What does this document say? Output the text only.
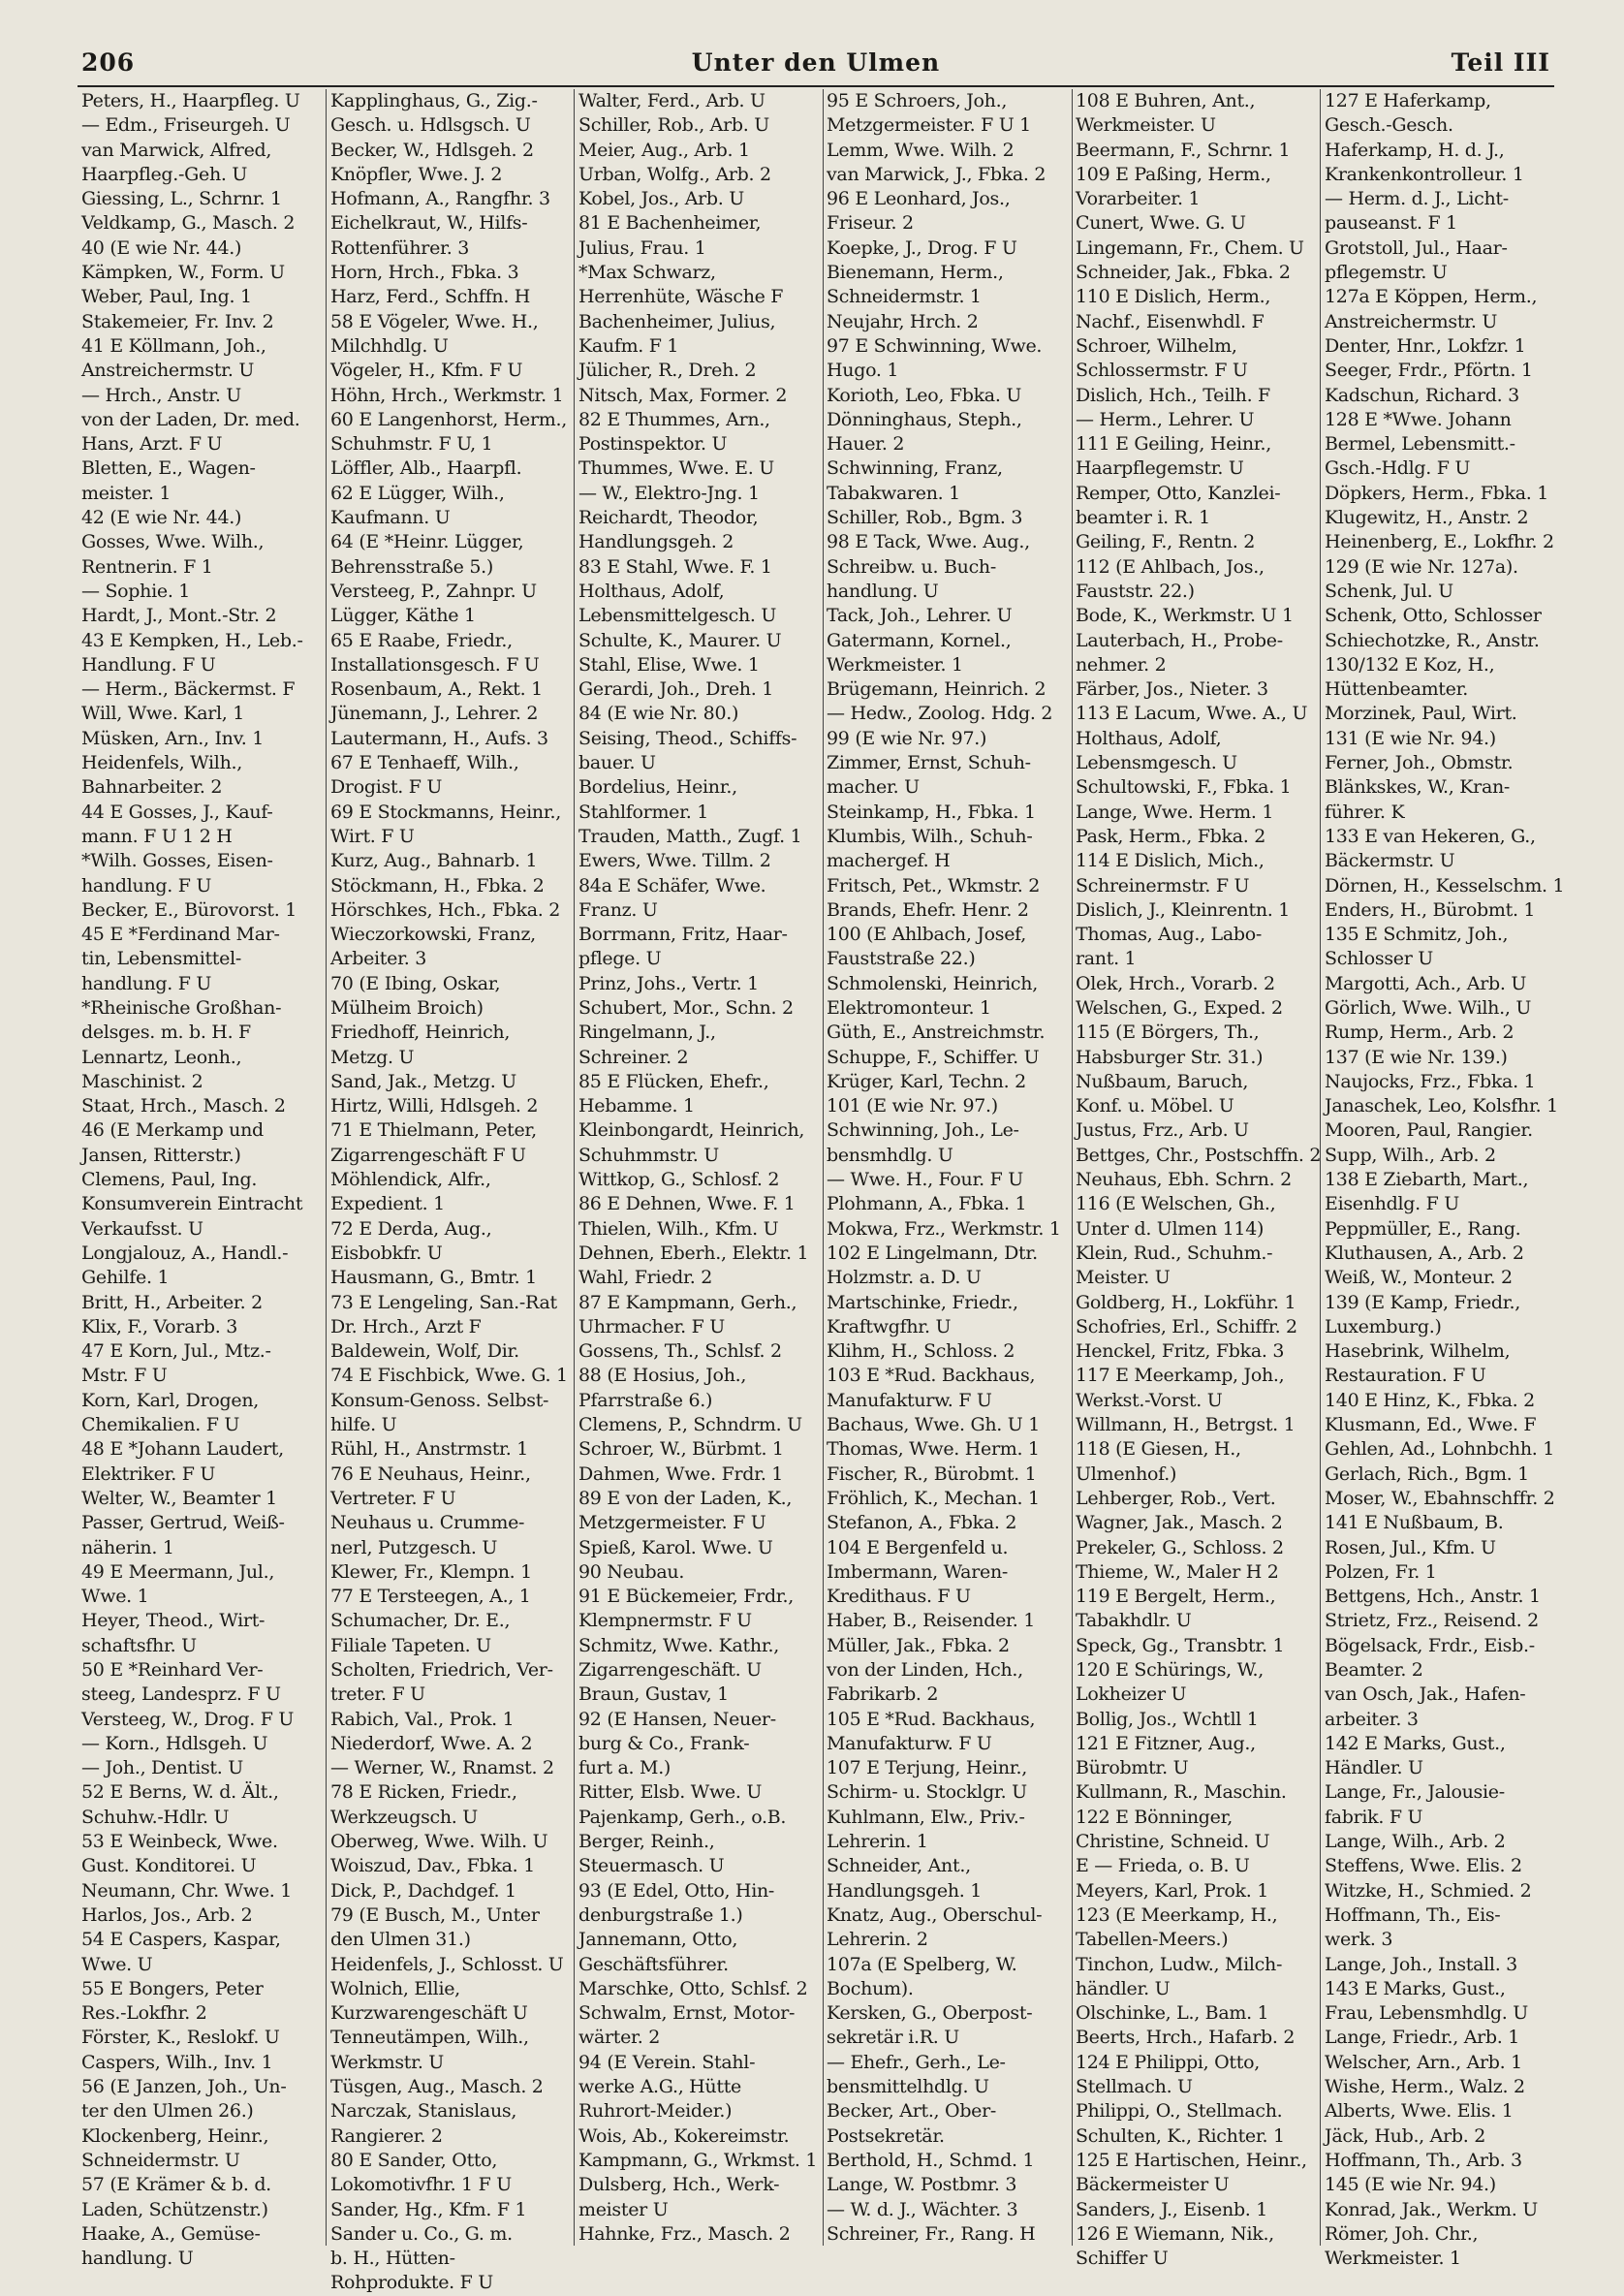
206	Unter den Ulmen	Teil III
Peters, H., Haarpfleg. U
— Edm., Friseurgeh. U
van Marwick, Alfred,
Haarpfleg.-Geh. U
Giessing, L., Schrnr. 1
Veldkamp, G., Masch. 2
40 (E wie Nr. 44.)
Kämpken, W., Form. U
Weber, Paul, Ing. 1
Stakemeier, Fr. Inv. 2
41 E Köllmann, Joh.,
Anstreichermstr. U
— Hrch., Anstr. U
von der Laden, Dr. med.
Hans, Arzt. F U
Bletten, E., Wagen-
meister. 1
42 (E wie Nr. 44.)
Gosses, Wwe. Wilh.,
Rentnerin. F 1
— Sophie. 1
Hardt, J., Mont.-Str. 2
43 E Kempken, H., Leb.-
Handlung. F U
— Herm., Bäckermst. F
Will, Wwe. Karl, 1
Müsken, Arn., Inv. 1
Heidenfels, Wilh.,
Bahnarbeiter. 2
44 E Gosses, J., Kauf-
mann. F U 1 2 H
*Wilh. Gosses, Eisen-
handlung. F U
Becker, E., Bürovorst. 1
45 E *Ferdinand Mar-
tin, Lebensmittel-
handlung. F U
*Rheinische Großhan-
delsges. m. b. H. F
Lennartz, Leonh.,
Maschinist. 2
Staat, Hrch., Masch. 2
46 (E Merkamp und
Jansen, Ritterstr.)
Clemens, Paul, Ing.
Konsumverein Eintracht
Verkaufsst. U
Longjalouz, A., Handl.-
Gehilfe. 1
Britt, H., Arbeiter. 2
Klix, F., Vorarb. 3
47 E Korn, Jul., Mtz.-
Mstr. F U
Korn, Karl, Drogen,
Chemikalien. F U
48 E *Johann Laudert,
Elektriker. F U
Welter, W., Beamter 1
Passer, Gertrud, Weiß-
näherin. 1
49 E Meermann, Jul.,
Wwe. 1
Heyer, Theod., Wirt-
schaftsfhr. U
50 E *Reinhard Ver-
steeg, Landesprz. F U
Versteeg, W., Drog. F U
— Korn., Hdlsgeh. U
— Joh., Dentist. U
52 E Berns, W. d. Ält.,
Schuhw.-Hdlr. U
53 E Weinbeck, Wwe.
Gust. Konditorei. U
Neumann, Chr. Wwe. 1
Harlos, Jos., Arb. 2
54 E Caspers, Kaspar,
Wwe. U
55 E Bongers, Peter
Res.-Lokfhr. 2
Förster, K., Reslokf. U
Caspers, Wilh., Inv. 1
56 (E Janzen, Joh., Un-
ter den Ulmen 26.)
Klockenberg, Heinr.,
Schneidermstr. U
57 (E Krämer & b. d.
Laden, Schützenstr.)
Haake, A., Gemüse-
handlung. U
Kapplinghaus, G., Zig.-
Gesch. u. Hdlsgsch. U
Becker, W., Hdlsgeh. 2
Knöpfler, Wwe. J. 2
Hofmann, A., Rangfhr. 3
Eichelkraut, W., Hilfs-
Rottenführer. 3
Horn, Hrch., Fbka. 3
Harz, Ferd., Schffn. H
58 E Vögeler, Wwe. H.,
Milchhdlg. U
Vögeler, H., Kfm. F U
Höhn, Hrch., Werkmstr. 1
60 E Langenhorst, Herm.,
Schuhmstr. F U, 1
Löffler, Alb., Haarpfl.
62 E Lügger, Wilh.,
Kaufmann. U
64 (E *Heinr. Lügger,
Behrensstraße 5.)
Versteeg, P., Zahnpr. U
Lügger, Käthe 1
65 E Raabe, Friedr.,
Installationsgesch. F U
Rosenbaum, A., Rekt. 1
Jünemann, J., Lehrer. 2
Lautermann, H., Aufs. 3
67 E Tenhaeff, Wilh.,
Drogist. F U
69 E Stockmanns, Heinr.,
Wirt. F U
Kurz, Aug., Bahnarb. 1
Stöckmann, H., Fbka. 2
Hörschkes, Hch., Fbka. 2
Wieczorkowski, Franz,
Arbeiter. 3
70 (E Ibing, Oskar,
Mülheim Broich)
Friedhoff, Heinrich,
Metzg. U
Sand, Jak., Metzg. U
Hirtz, Willi, Hdlsgeh. 2
71 E Thielmann, Peter,
Zigarrengeschäft F U
Möhlendick, Alfr.,
Expedient. 1
72 E Derda, Aug.,
Eisbobkfr. U
Hausmann, G., Bmtr. 1
73 E Lengeling, San.-Rat
Dr. Hrch., Arzt F
Baldewein, Wolf, Dir.
74 E Fischbick, Wwe. G. 1
Konsum-Genoss. Selbst-
hilfe. U
Rühl, H., Anstrmstr. 1
76 E Neuhaus, Heinr.,
Vertreter. F U
Neuhaus u. Crumme-
nerl, Putzgesch. U
Klewer, Fr., Klempn. 1
77 E Tersteegen, A., 1
Schumacher, Dr. E.,
Filiale Tapeten. U
Scholten, Friedrich, Ver-
treter. F U
Rabich, Val., Prok. 1
Niederdorf, Wwe. A. 2
— Werner, W., Rnamst. 2
78 E Ricken, Friedr.,
Werkzeugsch. U
Oberweg, Wwe. Wilh. U
Woiszud, Dav., Fbka. 1
Dick, P., Dachdgef. 1
79 (E Busch, M., Unter
den Ulmen 31.)
Heidenfels, J., Schlosst. U
Wolnich, Ellie,
Kurzwarengeschäft U
Tenneutämpen, Wilh.,
Werkmstr. U
Tüsgen, Aug., Masch. 2
Narczak, Stanislaus,
Rangierer. 2
80 E Sander, Otto,
Lokomotivfhr. 1 F U
Sander, Hg., Kfm. F 1
Sander u. Co., G. m.
b. H., Hütten-
Rohprodukte. F U
Walter, Ferd., Arb. U
Schiller, Rob., Arb. U
Meier, Aug., Arb. 1
Urban, Wolfg., Arb. 2
Kobel, Jos., Arb. U
81 E Bachenheimer,
Julius, Frau. 1
*Max Schwarz,
Herrenhüte, Wäsche F
Bachenheimer, Julius,
Kaufm. F 1
Jülicher, R., Dreh. 2
Nitsch, Max, Former. 2
82 E Thummes, Arn.,
Postinspektor. U
Thummes, Wwe. E. U
— W., Elektro-Jng. 1
Reichardt, Theodor,
Handlungsgeh. 2
83 E Stahl, Wwe. F. 1
Holthaus, Adolf,
Lebensmittelgesch. U
Schulte, K., Maurer. U
Stahl, Elise, Wwe. 1
Gerardi, Joh., Dreh. 1
84 (E wie Nr. 80.)
Seising, Theod., Schiffs-
bauer. U
Bordelius, Heinr.,
Stahlformer. 1
Trauden, Matth., Zugf. 1
Ewers, Wwe. Tillm. 2
84a E Schäfer, Wwe.
Franz. U
Borrmann, Fritz, Haar-
pflege. U
Prinz, Johs., Vertr. 1
Schubert, Mor., Schn. 2
Ringelmann, J.,
Schreiner. 2
85 E Flücken, Ehefr.,
Hebamme. 1
Kleinbongardt, Heinrich,
Schuhmmstr. U
Wittkop, G., Schlosf. 2
86 E Dehnen, Wwe. F. 1
Thielen, Wilh., Kfm. U
Dehnen, Eberh., Elektr. 1
Wahl, Friedr. 2
87 E Kampmann, Gerh.,
Uhrmacher. F U
Gossens, Th., Schlsf. 2
88 (E Hosius, Joh.,
Pfarrstraße 6.)
Clemens, P., Schndrm. U
Schroer, W., Bürbmt. 1
Dahmen, Wwe. Frdr. 1
89 E von der Laden, K.,
Metzgermeister. F U
Spieß, Karol. Wwe. U
90 Neubau.
91 E Bückemeier, Frdr.,
Klempnermstr. F U
Schmitz, Wwe. Kathr.,
Zigarrengeschäft. U
Braun, Gustav, 1
92 (E Hansen, Neuer-
burg & Co., Frank-
furt a. M.)
Ritter, Elsb. Wwe. U
Pajenkamp, Gerh., o.B.
Berger, Reinh.,
Steuermasch. U
93 (E Edel, Otto, Hin-
denburgstraße 1.)
Jannemann, Otto,
Geschäftsführer.
Marschke, Otto, Schlsf. 2
Schwalm, Ernst, Motor-
wärter. 2
94 (E Verein. Stahl-
werke A.G., Hütte
Ruhrort-Meider.)
Wois, Ab., Kokereimstr.
Kampmann, G., Wrkmst. 1
Dulsberg, Hch., Werk-
meister U
Hahnke, Frz., Masch. 2
95 E Schroers, Joh.,
Metzgermeister. F U 1
Lemm, Wwe. Wilh. 2
van Marwick, J., Fbka. 2
96 E Leonhard, Jos.,
Friseur. 2
Koepke, J., Drog. F U
Bienemann, Herm.,
Schneidermstr. 1
Neujahr, Hrch. 2
97 E Schwinning, Wwe.
Hugo. 1
Korioth, Leo, Fbka. U
Dönninghaus, Steph.,
Hauer. 2
Schwinning, Franz,
Tabakwaren. 1
Schiller, Rob., Bgm. 3
98 E Tack, Wwe. Aug.,
Schreibw. u. Buch-
handlung. U
Tack, Joh., Lehrer. U
Gatermann, Kornel.,
Werkmeister. 1
Brügemann, Heinrich. 2
— Hedw., Zoolog. Hdg. 2
99 (E wie Nr. 97.)
Zimmer, Ernst, Schuh-
macher. U
Steinkamp, H., Fbka. 1
Klumbis, Wilh., Schuh-
machergef. H
Fritsch, Pet., Wkmstr. 2
Brands, Ehefr. Henr. 2
100 (E Ahlbach, Josef,
Fauststraße 22.)
Schmolenski, Heinrich,
Elektromonteur. 1
Güth, E., Anstreichmstr.
Schuppe, F., Schiffer. U
Krüger, Karl, Techn. 2
101 (E wie Nr. 97.)
Schwinning, Joh., Le-
bensmhdlg. U
— Wwe. H., Four. F U
Plohmann, A., Fbka. 1
Mokwa, Frz., Werkmstr. 1
102 E Lingelmann, Dtr.
Holzmstr. a. D. U
Martschinke, Friedr.,
Kraftwgfhr. U
Klihm, H., Schloss. 2
103 E *Rud. Backhaus,
Manufakturw. F U
Bachaus, Wwe. Gh. U 1
Thomas, Wwe. Herm. 1
Fischer, R., Bürobmt. 1
Fröhlich, K., Mechan. 1
Stefanon, A., Fbka. 2
104 E Bergenfeld u.
Imbermann, Waren-
Kredithaus. F U
Haber, B., Reisender. 1
Müller, Jak., Fbka. 2
von der Linden, Hch.,
Fabrikarb. 2
105 E *Rud. Backhaus,
Manufakturw. F U
107 E Terjung, Heinr.,
Schirm- u. Stocklgr. U
Kuhlmann, Elw., Priv.-
Lehrerin. 1
Schneider, Ant.,
Handlungsgeh. 1
Knatz, Aug., Oberschul-
Lehrerin. 2
107a (E Spelberg, W.
Bochum).
Kersken, G., Oberpost-
sekretär i.R. U
— Ehefr., Gerh., Le-
bensmittelhdlg. U
Becker, Art., Ober-
Postsekretär.
Berthold, H., Schmd. 1
Lange, W. Postbmr. 3
— W. d. J., Wächter. 3
Schreiner, Fr., Rang. H
108 E Buhren, Ant.,
Werkmeister. U
Beermann, F., Schrnr. 1
109 E Paßing, Herm.,
Vorarbeiter. 1
Cunert, Wwe. G. U
Lingemann, Fr., Chem. U
Schneider, Jak., Fbka. 2
110 E Dislich, Herm.,
Nachf., Eisenwhdl. F
Schroer, Wilhelm,
Schlossermstr. F U
Dislich, Hch., Teilh. F
— Herm., Lehrer. U
111 E Geiling, Heinr.,
Haarpflegemstr. U
Remper, Otto, Kanzlei-
beamter i. R. 1
Geiling, F., Rentn. 2
112 (E Ahlbach, Jos.,
Fauststr. 22.)
Bode, K., Werkmstr. U 1
Lauterbach, H., Probe-
nehmer. 2
Färber, Jos., Nieter. 3
113 E Lacum, Wwe. A., U
Holthaus, Adolf,
Lebensmgesch. U
Schultowski, F., Fbka. 1
Lange, Wwe. Herm. 1
Pask, Herm., Fbka. 2
114 E Dislich, Mich.,
Schreinermstr. F U
Dislich, J., Kleinrentn. 1
Thomas, Aug., Labo-
rant. 1
Olek, Hrch., Vorarb. 2
Welschen, G., Exped. 2
115 (E Börgers, Th.,
Habsburger Str. 31.)
Nußbaum, Baruch,
Konf. u. Möbel. U
Justus, Frz., Arb. U
Bettges, Chr., Postschffn. 2
Neuhaus, Ebh. Schrn. 2
116 (E Welschen, Gh.,
Unter d. Ulmen 114)
Klein, Rud., Schuhm.-
Meister. U
Goldberg, H., Lokführ. 1
Schofries, Erl., Schiffr. 2
Henckel, Fritz, Fbka. 3
117 E Meerkamp, Joh.,
Werkst.-Vorst. U
Willmann, H., Betrgst. 1
118 (E Giesen, H.,
Ulmenhof.)
Lehberger, Rob., Vert.
Wagner, Jak., Masch. 2
Prekeler, G., Schloss. 2
Thieme, W., Maler H 2
119 E Bergelt, Herm.,
Tabakhdlr. U
Speck, Gg., Transbtr. 1
120 E Schürings, W.,
Lokheizer U
Bollig, Jos., Wchtll 1
121 E Fitzner, Aug.,
Bürobmtr. U
Kullmann, R., Maschin.
122 E Bönninger,
Christine, Schneid. U
E — Frieda, o. B. U
Meyers, Karl, Prok. 1
123 (E Meerkamp, H.,
Tabellen-Meers.)
Tinchon, Ludw., Milch-
händler. U
Olschinke, L., Bam. 1
Beerts, Hrch., Hafarb. 2
124 E Philippi, Otto,
Stellmach. U
Philippi, O., Stellmach.
Schulten, K., Richter. 1
125 E Hartischen, Heinr.,
Bäckermeister U
Sanders, J., Eisenb. 1
126 E Wiemann, Nik.,
Schiffer U
127 E Haferkamp,
Gesch.-Gesch.
Haferkamp, H. d. J.,
Krankenkontrolleur. 1
— Herm. d. J., Licht-
pauseanst. F 1
Grotstoll, Jul., Haar-
pflegemstr. U
127a E Köppen, Herm.,
Anstreichermstr. U
Denter, Hnr., Lokfzr. 1
Seeger, Frdr., Pförtn. 1
Kadschun, Richard. 3
128 E *Wwe. Johann
Bermel, Lebensmitt.-
Gsch.-Hdlg. F U
Döpkers, Herm., Fbka. 1
Klugewitz, H., Anstr. 2
Heinenberg, E., Lokfhr. 2
129 (E wie Nr. 127a).
Schenk, Jul. U
Schenk, Otto, Schlosser
Schiechotzke, R., Anstr.
130/132 E Koz, H.,
Hüttenbeamter.
Morzinek, Paul, Wirt.
131 (E wie Nr. 94.)
Ferner, Joh., Obmstr.
Blänkskes, W., Kran-
führer. K
133 E van Hekeren, G.,
Bäckermstr. U
Dörnen, H., Kesselschm. 1
Enders, H., Bürobmt. 1
135 E Schmitz, Joh.,
Schlosser U
Margotti, Ach., Arb. U
Görlich, Wwe. Wilh., U
Rump, Herm., Arb. 2
137 (E wie Nr. 139.)
Naujocks, Frz., Fbka. 1
Janaschek, Leo, Kolsfhr. 1
Mooren, Paul, Rangier.
Supp, Wilh., Arb. 2
138 E Ziebarth, Mart.,
Eisenhdlg. F U
Peppmüller, E., Rang.
Kluthausen, A., Arb. 2
Weiß, W., Monteur. 2
139 (E Kamp, Friedr.,
Luxemburg.)
Hasebrink, Wilhelm,
Restauration. F U
140 E Hinz, K., Fbka. 2
Klusmann, Ed., Wwe. F
Gehlen, Ad., Lohnbchh. 1
Gerlach, Rich., Bgm. 1
Moser, W., Ebahnschffr. 2
141 E Nußbaum, B.
Rosen, Jul., Kfm. U
Polzen, Fr. 1
Bettgens, Hch., Anstr. 1
Strietz, Frz., Reisend. 2
Bögelsack, Frdr., Eisb.-
Beamter. 2
van Osch, Jak., Hafen-
arbeiter. 3
142 E Marks, Gust.,
Händler. U
Lange, Fr., Jalousie-
fabrik. F U
Lange, Wilh., Arb. 2
Steffens, Wwe. Elis. 2
Witzke, H., Schmied. 2
Hoffmann, Th., Eis-
werk. 3
Lange, Joh., Install. 3
143 E Marks, Gust.,
Frau, Lebensmhdlg. U
Lange, Friedr., Arb. 1
Welscher, Arn., Arb. 1
Wishe, Herm., Walz. 2
Alberts, Wwe. Elis. 1
Jäck, Hub., Arb. 2
Hoffmann, Th., Arb. 3
145 (E wie Nr. 94.)
Konrad, Jak., Werkm. U
Römer, Joh. Chr.,
Werkmeister. 1
